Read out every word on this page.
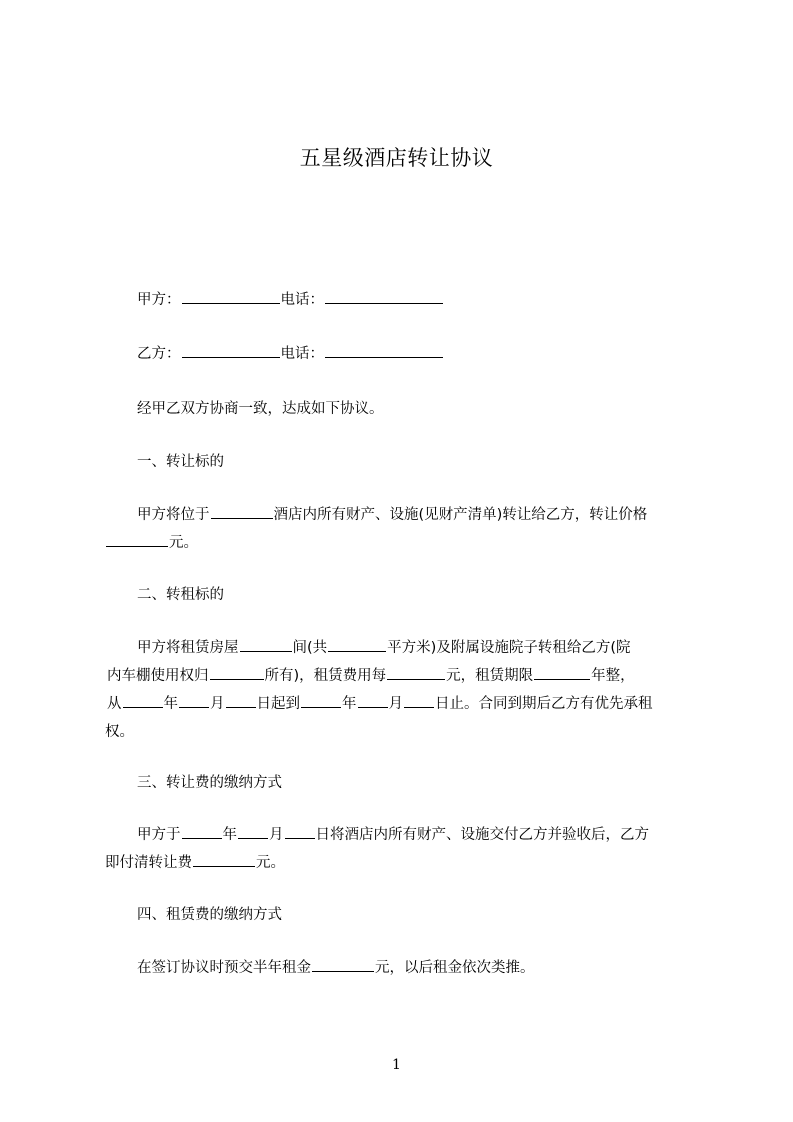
五星级酒店转让协议
甲方：	电话：
乙方：	电话：
经甲乙双方协商一致，达成如下协议。
一、转让标的
甲方将位于	酒店内所有财产、设施(见财产清单)转让给乙方，转让价格
元。
二、转租标的
甲方将租赁房屋	间(共	平方米)及附属设施院子转租给乙方(院
内车棚使用权归	所有)，租赁费用每	元，租赁期限	年整，
从	年 月 日起到	年 月 日止。合同到期后乙方有优先承租
权。
三、转让费的缴纳方式
甲方于	年 月 日将酒店内所有财产、设施交付乙方并验收后，乙方
即付清转让费	元。
四、租赁费的缴纳方式
在签订协议时预交半年租金	元，以后租金依次类推。
1
